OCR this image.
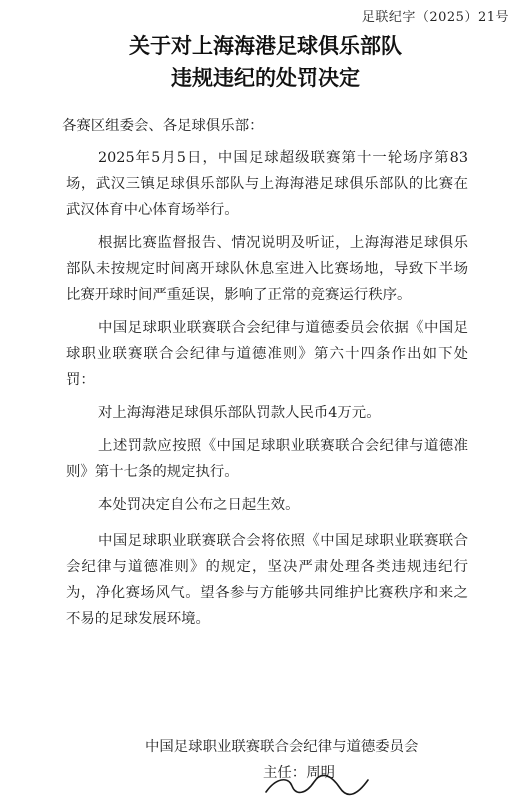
足联纪字（2025）21号
关于对上海海港足球俱乐部队
违规违纪的处罚决定
各赛区组委会、各足球俱乐部：

2025年5月5日，中国足球超级联赛第十一轮场序第83场，武汉三镇足球俱乐部队与上海海港足球俱乐部队的比赛在武汉体育中心体育场举行。

根据比赛监督报告、情况说明及听证，上海海港足球俱乐部队未按规定时间离开球队休息室进入比赛场地，导致下半场比赛开球时间严重延误，影响了正常的竞赛运行秩序。

中国足球职业联赛联合会纪律与道德委员会依据《中国足球职业联赛联合会纪律与道德准则》第六十四条作出如下处罚：

对上海海港足球俱乐部队罚款人民币4万元。

上述罚款应按照《中国足球职业联赛联合会纪律与道德准则》第十七条的规定执行。

本处罚决定自公布之日起生效。

中国足球职业联赛联合会将依照《中国足球职业联赛联合会纪律与道德准则》的规定，坚决严肃处理各类违规违纪行为，净化赛场风气。望各参与方能够共同维护比赛秩序和来之不易的足球发展环境。

中国足球职业联赛联合会纪律与道德委员会
主任：周明
